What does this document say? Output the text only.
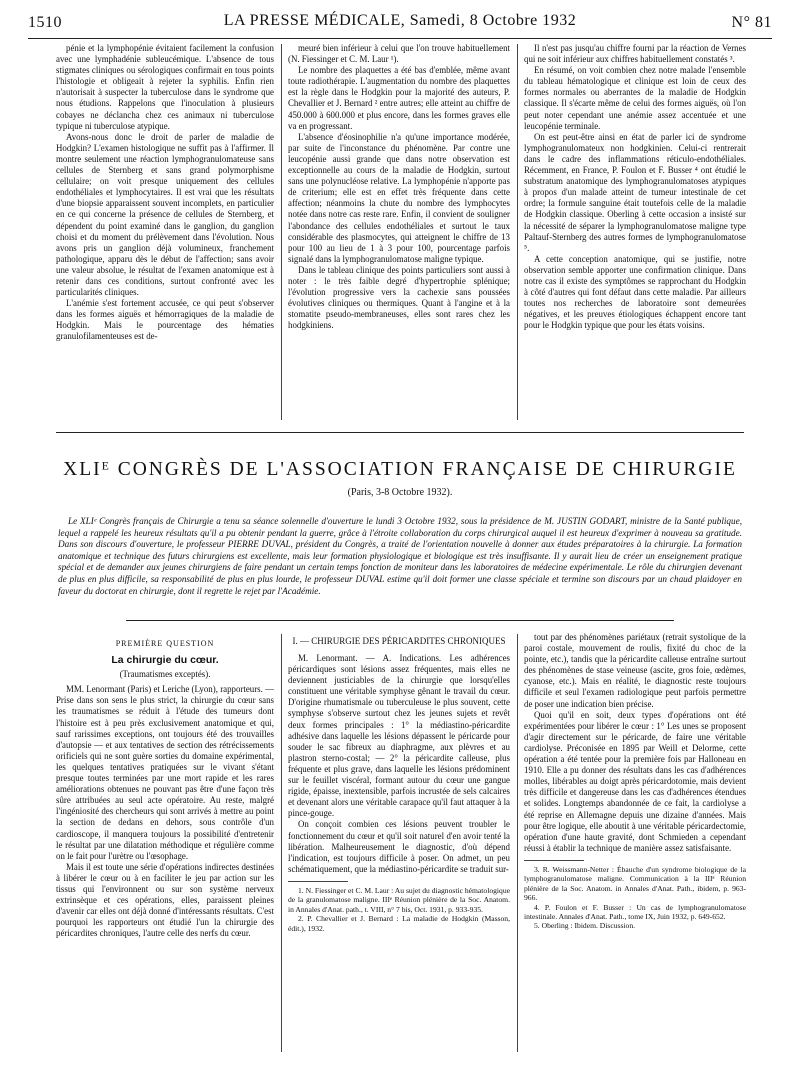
1510	LA PRESSE MÉDICALE, Samedi, 8 Octobre 1932	N° 81

pénie et la lymphopénie évitaient facilement la confusion avec une lymphadénie subleucémique. L'absence de tous stigmates cliniques ou sérologiques confirmait en tous points l'histologie et obligeait à rejeter la syphilis. Enfin rien n'autorisait à suspecter la tuberculose dans le syndrome que nous étudions. Rappelons que l'inoculation à plusieurs cobayes ne déclancha chez ces animaux ni tuberculose typique ni tuberculose atypique.

Avons-nous donc le droit de parler de maladie de Hodgkin? L'examen histologique ne suffit pas à l'affirmer. Il montre seulement une réaction lymphogranulomateuse sans cellules de Sternberg et sans grand polymorphisme cellulaire; on voit presque uniquement des cellules endothéliales et lymphocytaires. Il est vrai que les résultats d'une biopsie apparaissent souvent incomplets, en particulier en ce qui concerne la présence de cellules de Sternberg, et dépendent du point examiné dans le ganglion, du ganglion choisi et du moment du prélèvement dans l'évolution. Nous avons pris un ganglion déjà volumineux, franchement pathologique, apparu dès le début de l'affection; sans avoir une valeur absolue, le résultat de l'examen anatomique est à retenir dans ces conditions, surtout confronté avec les particularités cliniques.

L'anémie s'est fortement accusée, ce qui peut s'observer dans les formes aiguës et hémorragiques de la maladie de Hodgkin. Mais le pourcentage des hématies granulofilamenteuses est de-

meuré bien inférieur à celui que l'on trouve habituellement (N. Fiessinger et C. M. Laur ¹).

Le nombre des plaquettes a été bas d'emblée, même avant toute radiothérapie. L'augmentation du nombre des plaquettes est la règle dans le Hodgkin pour la majorité des auteurs, P. Chevallier et J. Bernard ² entre autres; elle atteint au chiffre de 450.000 à 600.000 et plus encore, dans les formes graves elle va en progressant.

L'absence d'éosinophilie n'a qu'une importance modérée, par suite de l'inconstance du phénomène. Par contre une leucopénie aussi grande que dans notre observation est exceptionnelle au cours de la maladie de Hodgkin, surtout sans une polynucléose relative. La lymphopénie n'apporte pas de criterium; elle est en effet très fréquente dans cette affection; néanmoins la chute du nombre des lymphocytes notée dans notre cas reste rare. Enfin, il convient de souligner l'abondance des cellules endothéliales et surtout le taux considérable des plasmocytes, qui atteignent le chiffre de 13 pour 100 au lieu de 1 à 3 pour 100, pourcentage parfois signalé dans la lymphogranulomatose maligne typique.

Dans le tableau clinique des points particuliers sont aussi à noter : le très faible degré d'hypertrophie splénique; l'évolution progressive vers la cachexie sans poussées évolutives cliniques ou thermiques. Quant à l'angine et à la stomatite pseudo-membraneuses, elles sont rares chez les hodgkiniens.

Il n'est pas jusqu'au chiffre fourni par la réaction de Vernes qui ne soit inférieur aux chiffres habituellement constatés ³.

En résumé, on voit combien chez notre malade l'ensemble du tableau hématologique et clinique est loin de ceux des formes normales ou aberrantes de la maladie de Hodgkin classique. Il s'écarte même de celui des formes aiguës, où l'on peut noter cependant une anémie assez accentuée et une leucopénie terminale.

On est peut-être ainsi en état de parler ici de syndrome lymphogranulomateux non hodgkinien. Celui-ci rentrerait dans le cadre des inflammations réticulo-endothéliales. Récemment, en France, P. Foulon et F. Busser ⁴ ont étudié le substratum anatomique des lymphogranulomatoses atypiques à propos d'un malade atteint de tumeur intestinale de cet ordre; la formule sanguine était toutefois celle de la maladie de Hodgkin classique. Oberling à cette occasion a insisté sur la nécessité de séparer la lymphogranulomatose maligne type Paltauf-Sternberg des autres formes de lymphogranulomatose ⁵.

A cette conception anatomique, qui se justifie, notre observation semble apporter une confirmation clinique. Dans notre cas il existe des symptômes se rapprochant du Hodgkin à côté d'autres qui font défaut dans cette maladie. Par ailleurs toutes nos recherches de laboratoire sont demeurées négatives, et les preuves étiologiques échappent encore tant pour le Hodgkin typique que pour les états voisins.

XLIᴱ CONGRÈS DE L'ASSOCIATION FRANÇAISE DE CHIRURGIE
(Paris, 3-8 Octobre 1932).

Le XLIᵉ Congrès français de Chirurgie a tenu sa séance solennelle d'ouverture le lundi 3 Octobre 1932, sous la présidence de M. JUSTIN GODART, ministre de la Santé publique, lequel a rappelé les heureux résultats qu'il a pu obtenir pendant la guerre, grâce à l'étroite collaboration du corps chirurgical auquel il est heureux d'exprimer à nouveau sa gratitude. Dans son discours d'ouverture, le professeur PIERRE DUVAL, président du Congrès, a traité de l'orientation nouvelle à donner aux études préparatoires à la chirurgie. La formation anatomique et technique des futurs chirurgiens est excellente, mais leur formation physiologique et biologique est très insuffisante. Il y aurait lieu de créer un enseignement pratique spécial et de demander aux jeunes chirurgiens de faire pendant un certain temps fonction de moniteur dans les laboratoires de médecine expérimentale. Le rôle du chirurgien devenant de plus en plus difficile, sa responsabilité de plus en plus lourde, le professeur DUVAL estime qu'il doit former une classe spéciale et termine son discours par un chaud plaidoyer en faveur du doctorat en chirurgie, dont il regrette le rejet par l'Académie.

PREMIÈRE QUESTION

La chirurgie du cœur.

(Traumatismes exceptés).

MM. Lenormant (Paris) et Leriche (Lyon), rapporteurs. — Prise dans son sens le plus strict, la chirurgie du cœur sans les traumatismes se réduit à l'étude des tumeurs dont l'histoire est à peu près exclusivement anatomique et qui, sauf rarissimes exceptions, ont toujours été des trouvailles d'autopsie — et aux tentatives de section des rétrécissements orificiels qui ne sont guère sorties du domaine expérimental, les quelques tentatives pratiquées sur le vivant s'étant presque toutes terminées par une mort rapide et les rares améliorations obtenues ne pouvant pas être d'une façon très sûre attribuées au seul acte opératoire. Au reste, malgré l'ingéniosité des chercheurs qui sont arrivés à mettre au point la section de dedans en dehors, sous contrôle d'un cardioscope, il manquera toujours la possibilité d'entretenir le résultat par une dilatation méthodique et régulière comme on le fait pour l'urètre ou l'œsophage.

Mais il est toute une série d'opérations indirectes destinées à libérer le cœur ou à en faciliter le jeu par action sur les tissus qui l'environnent ou sur son système nerveux extrinsèque et ces opérations, elles, paraissent pleines d'avenir car elles ont déjà donné d'intéressants résultats. C'est pourquoi les rapporteurs ont étudié l'un la chirurgie des péricardites chroniques, l'autre celle des nerfs du cœur.

I. — CHIRURGIE DES PÉRICARDITES CHRONIQUES

M. Lenormant. — A. Indications. Les adhérences péricardiques sont lésions assez fréquentes, mais elles ne deviennent justiciables de la chirurgie que lorsqu'elles constituent une véritable symphyse gênant le travail du cœur. D'origine rhumatismale ou tuberculeuse le plus souvent, cette symphyse s'observe surtout chez les jeunes sujets et revêt deux formes principales : 1° la médiastino-péricardite adhésive dans laquelle les lésions dépassent le péricarde pour souder le sac fibreux au diaphragme, aux plèvres et au plastron sterno-costal; — 2° la péricardite calleuse, plus fréquente et plus grave, dans laquelle les lésions prédominent sur le feuillet viscéral, formant autour du cœur une gangue rigide, épaisse, inextensible, parfois incrustée de sels calcaires et devenant alors une véritable carapace qu'il faut attaquer à la pince-gouge.

On conçoit combien ces lésions peuvent troubler le fonctionnement du cœur et qu'il soit naturel d'en avoir tenté la libération. Malheureusement le diagnostic, d'où dépend l'indication, est toujours difficile à poser. On admet, un peu schématiquement, que la médiastino-péricardite se traduit sur-

1. N. Fiessinger et C. M. Laur : Au sujet du diagnostic hématologique de la granulomatose maligne. IIIᵉ Réunion plénière de la Soc. Anatom. in Annales d'Anat. path., t. VIII, n° 7 bis, Oct. 1931, p. 933-935.

2. P. Chevallier et J. Bernard : La maladie de Hodgkin (Masson, édit.), 1932.

tout par des phénomènes pariétaux (retrait systolique de la paroi costale, mouvement de roulis, fixité du choc de la pointe, etc.), tandis que la péricardite calleuse entraîne surtout des phénomènes de stase veineuse (ascite, gros foie, œdèmes, cyanose, etc.). Mais en réalité, le diagnostic reste toujours difficile et seul l'examen radiologique peut parfois permettre de poser une indication bien précise.

Quoi qu'il en soit, deux types d'opérations ont été expérimentées pour libérer le cœur : 1° Les unes se proposent d'agir directement sur le péricarde, de faire une véritable cardiolyse. Préconisée en 1895 par Weill et Delorme, cette opération a été tentée pour la première fois par Halloneau en 1910. Elle a pu donner des résultats dans les cas d'adhérences molles, libérables au doigt après péricardotomie, mais devient très difficile et dangereuse dans les cas d'adhérences étendues et solides. Longtemps abandonnée de ce fait, la cardiolyse a été reprise en Allemagne depuis une dizaine d'années. Mais pour être logique, elle aboutit à une véritable péricardectomie, opération d'une haute gravité, dont Schmieden a cependant réussi à établir la technique de manière assez satisfaisante.

3. R. Weissmann-Netter : Ébauche d'un syndrome biologique de la lymphogranulomatose maligne. Communication à la IIIᵉ Réunion plénière de la Soc. Anatom. in Annales d'Anat. Path., ibidem, p. 963-966.

4. P. Foulon et F. Busser : Un cas de lymphogranulomatose intestinale. Annales d'Anat. Path., tome IX, Juin 1932, p. 649-652.

5. Oberling : Ibidem. Discussion.
